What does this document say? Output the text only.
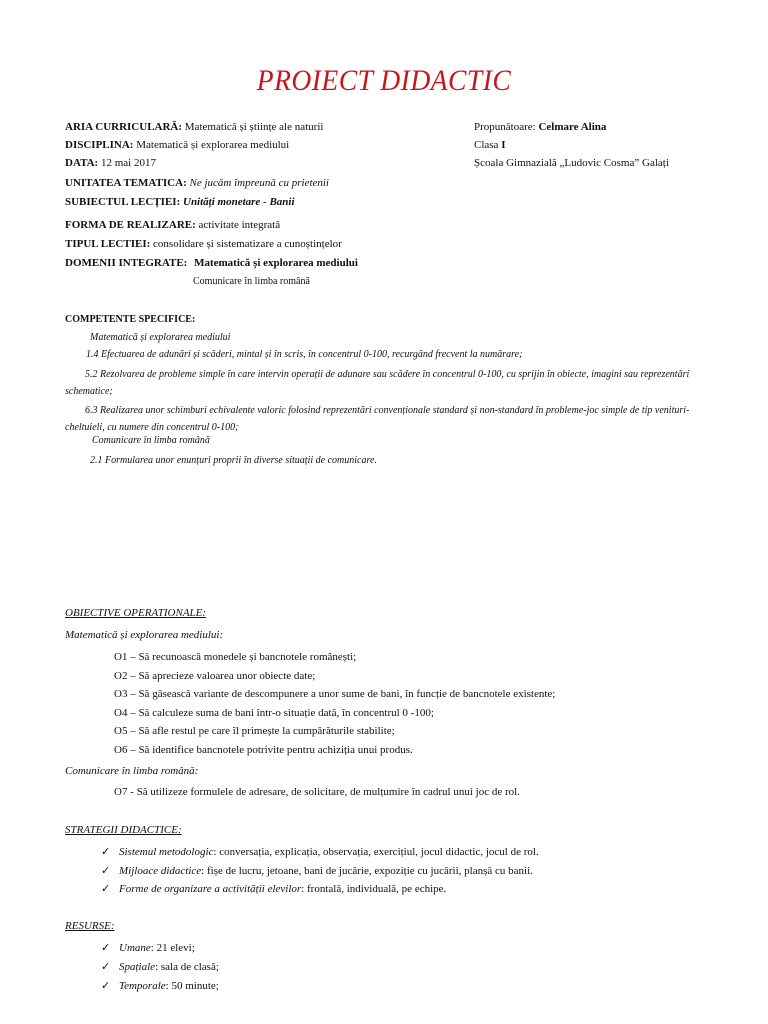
PROIECT DIDACTIC
ARIA CURRICULARĂ: Matematică și științe ale naturii
DISCIPLINA: Matematică și explorarea mediului
DATA: 12 mai 2017
UNITATEA TEMATICA: Ne jucăm împreună cu prietenii
SUBIECTUL LECȚIEI: Unități monetare - Banii
FORMA DE REALIZARE: activitate integrată
TIPUL LECTIEI: consolidare și sistematizare a cunoștințelor
DOMENII INTEGRATE: Matematică și explorarea mediului
Comunicare în limba română
Propunătoare: Celmare Alina
Clasa I
Școala Gimnazială „Ludovic Cosma” Galați
COMPETENTE SPECIFICE:
Matematică și explorarea mediului
1.4 Efectuarea de adunări și scăderi, mintal și în scris, în concentrul 0-100, recurgând frecvent la numărare;
5.2 Rezolvarea de probleme simple în care intervin operații de adunare sau scădere în concentrul 0-100, cu sprijin în obiecte, imagini sau reprezentări schematice;
6.3 Realizarea unor schimburi echivalente valoric folosind reprezentări convenționale standard și non-standard în probleme-joc simple de tip venituri-cheltuieli, cu numere din concentrul 0-100;
Comunicare în limba română
2.1 Formularea unor enunțuri proprii în diverse situații de comunicare.
OBIECTIVE OPERATIONALE:
Matematică și explorarea mediului:
O1 – Să recunoască monedele și bancnotele românești;
O2 – Să aprecieze valoarea unor obiecte date;
O3 – Să găsească variante de descompunere a unor sume de bani, în funcție de bancnotele existente;
O4 – Să calculeze suma de bani într-o situație dată, în concentrul 0 -100;
O5 – Să afle restul pe care îl primește la cumpărăturile stabilite;
O6 – Să identifice bancnotele potrivite pentru achiziția unui produs.
Comunicare în limba română:
O7 - Să utilizeze formulele de adresare, de solicitare, de mulțumire în cadrul unui joc de rol.
STRATEGII DIDACTICE:
✓ Sistemul metodologic: conversația, explicația, observația, exercițiul, jocul didactic, jocul de rol.
✓ Mijloace didactice: fișe de lucru, jetoane, bani de jucărie, expoziție cu jucării, planșă cu banii.
✓ Forme de organizare a activității elevilor: frontală, individuală, pe echipe.
RESURSE:
✓ Umane: 21 elevi;
✓ Spațiale: sala de clasă;
✓ Temporale: 50 minute;
